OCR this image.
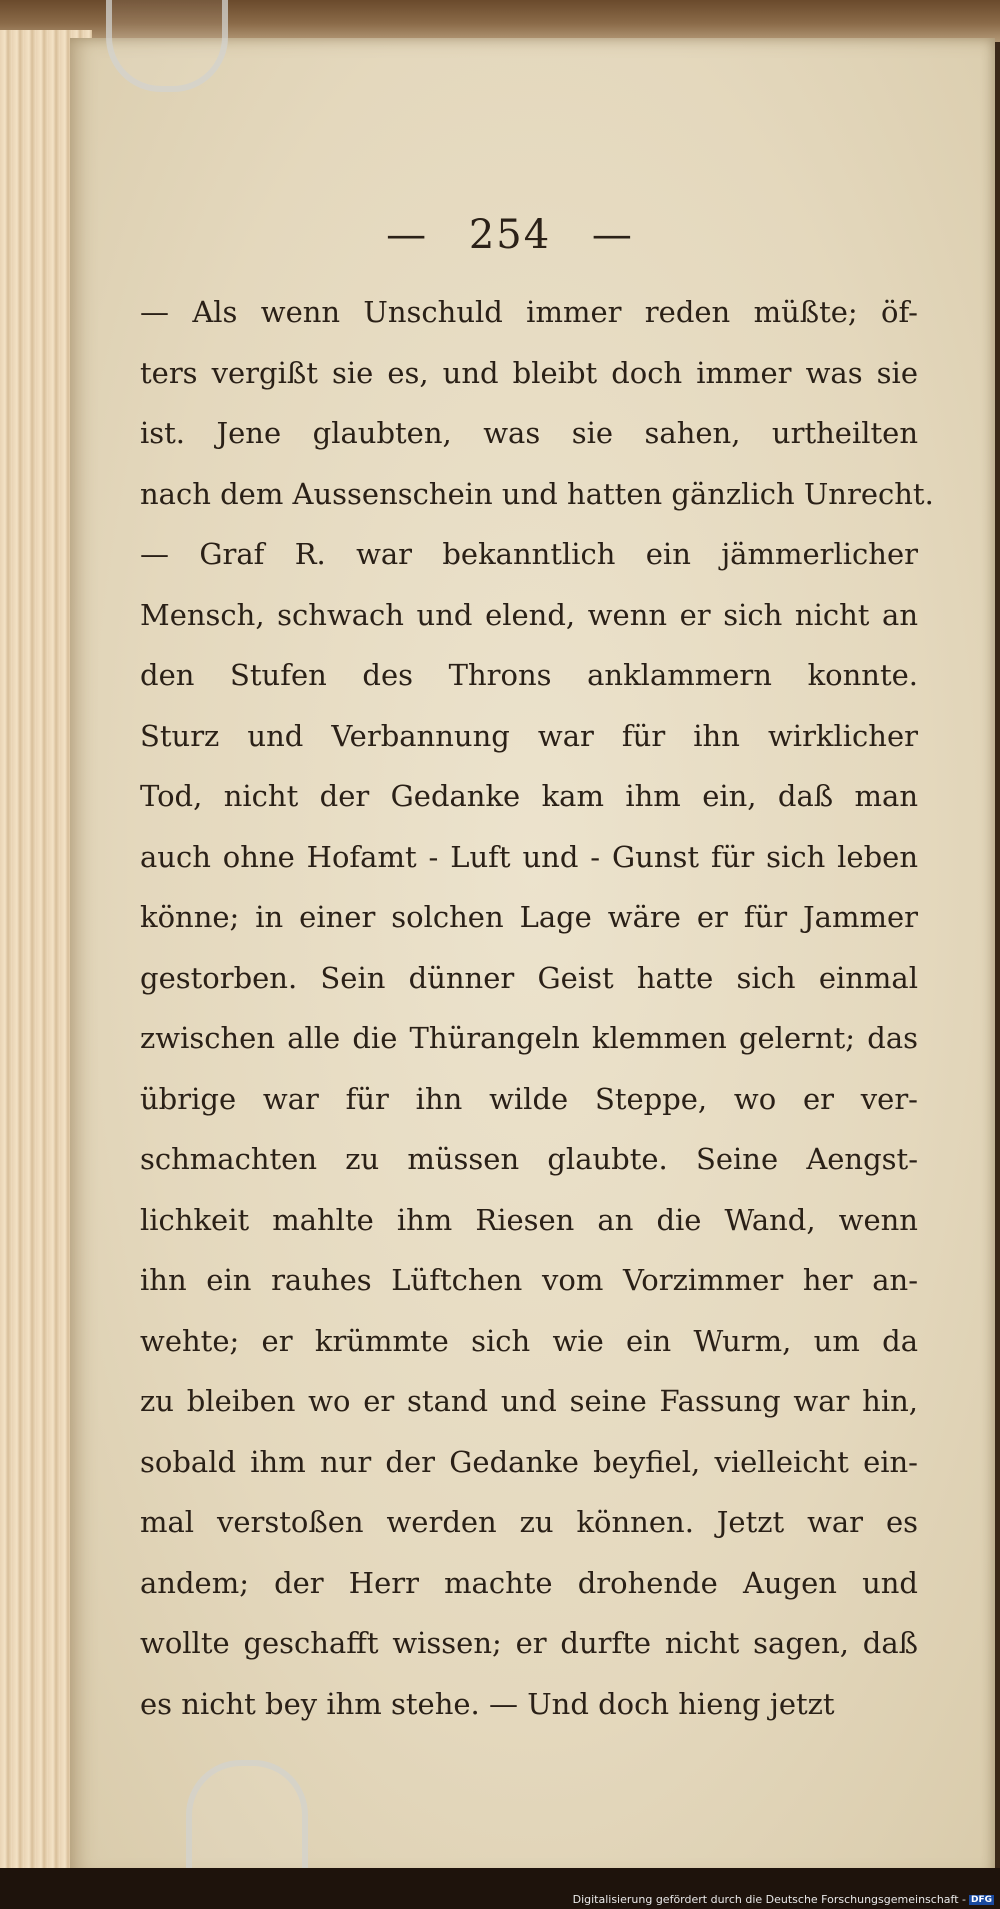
— 254 —
— Als wenn Unschuld immer reden müßte; öf-
ters vergißt sie es, und bleibt doch immer was sie
ist. Jene glaubten, was sie sahen, urtheilten
nach dem Aussenschein und hatten gänzlich Unrecht.
— Graf R. war bekanntlich ein jämmerlicher
Mensch, schwach und elend, wenn er sich nicht an
den Stufen des Throns anklammern konnte.
Sturz und Verbannung war für ihn wirklicher
Tod, nicht der Gedanke kam ihm ein, daß man
auch ohne Hofamt - Luft und - Gunst für sich leben
könne; in einer solchen Lage wäre er für Jammer
gestorben. Sein dünner Geist hatte sich einmal
zwischen alle die Thürangeln klemmen gelernt; das
übrige war für ihn wilde Steppe, wo er ver-
schmachten zu müssen glaubte. Seine Aengst-
lichkeit mahlte ihm Riesen an die Wand, wenn
ihn ein rauhes Lüftchen vom Vorzimmer her an-
wehte; er krümmte sich wie ein Wurm, um da
zu bleiben wo er stand und seine Fassung war hin,
sobald ihm nur der Gedanke beyfiel, vielleicht ein-
mal verstoßen werden zu können. Jetzt war es
andem; der Herr machte drohende Augen und
wollte geschafft wissen; er durfte nicht sagen, daß
es nicht bey ihm stehe. — Und doch hieng jetzt
Digitalisierung gefördert durch die Deutsche Forschungsgemeinschaft - DFG
